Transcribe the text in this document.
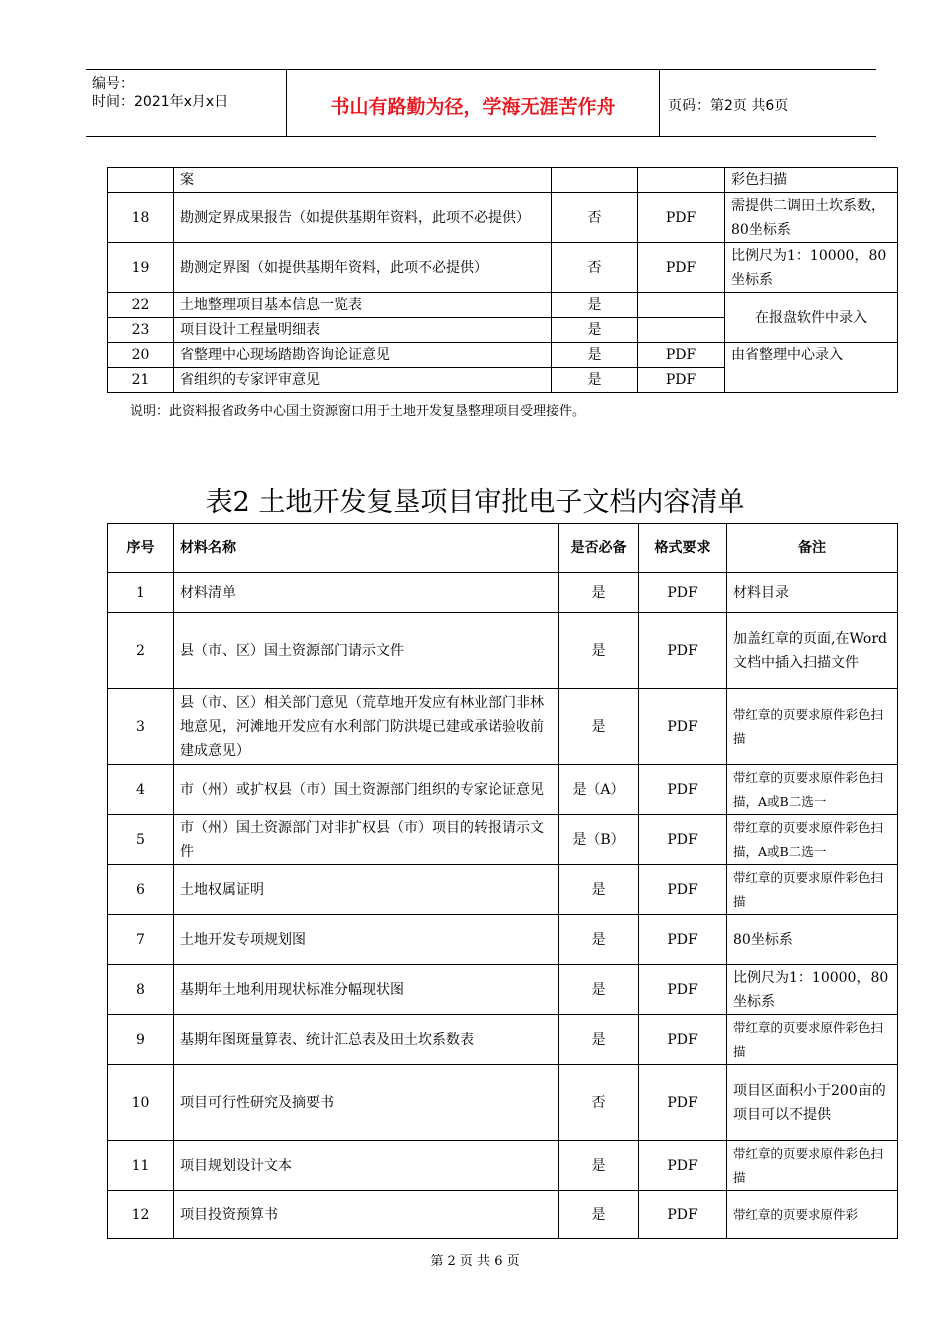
编号：
时间：2021年x月x日	书山有路勤为径，学海无涯苦作舟	页码：第2页 共6页
	案			彩色扫描
18	勘测定界成果报告（如提供基期年资料，此项不必提供）	否	PDF	需提供二调田土坎系数，80坐标系
19	勘测定界图（如提供基期年资料，此项不必提供）	否	PDF	比例尺为1：10000，80坐标系
22	土地整理项目基本信息一览表	是		在报盘软件中录入
23	项目设计工程量明细表	是		
20	省整理中心现场踏勘咨询论证意见	是	PDF	由省整理中心录入
21	省组织的专家评审意见	是	PDF	
说明：此资料报省政务中心国土资源窗口用于土地开发复垦整理项目受理接件。
表2 土地开发复垦项目审批电子文档内容清单
序号	材料名称	是否必备	格式要求	备注
1	材料清单	是	PDF	材料目录
2	县（市、区）国土资源部门请示文件	是	PDF	加盖红章的页面,在Word文档中插入扫描文件
3	县（市、区）相关部门意见（荒草地开发应有林业部门非林地意见，河滩地开发应有水利部门防洪堤已建或承诺验收前建成意见）	是	PDF	带红章的页要求原件彩色扫描
4	市（州）或扩权县（市）国土资源部门组织的专家论证意见	是（A）	PDF	带红章的页要求原件彩色扫描，A或B二选一
5	市（州）国土资源部门对非扩权县（市）项目的转报请示文件	是（B）	PDF	带红章的页要求原件彩色扫描，A或B二选一
6	土地权属证明	是	PDF	带红章的页要求原件彩色扫描
7	土地开发专项规划图	是	PDF	80坐标系
8	基期年土地利用现状标准分幅现状图	是	PDF	比例尺为1：10000，80坐标系
9	基期年图斑量算表、统计汇总表及田土坎系数表	是	PDF	带红章的页要求原件彩色扫描
10	项目可行性研究及摘要书	否	PDF	项目区面积小于200亩的项目可以不提供
11	项目规划设计文本	是	PDF	带红章的页要求原件彩色扫描
12	项目投资预算书	是	PDF	带红章的页要求原件彩
第 2 页 共 6 页
